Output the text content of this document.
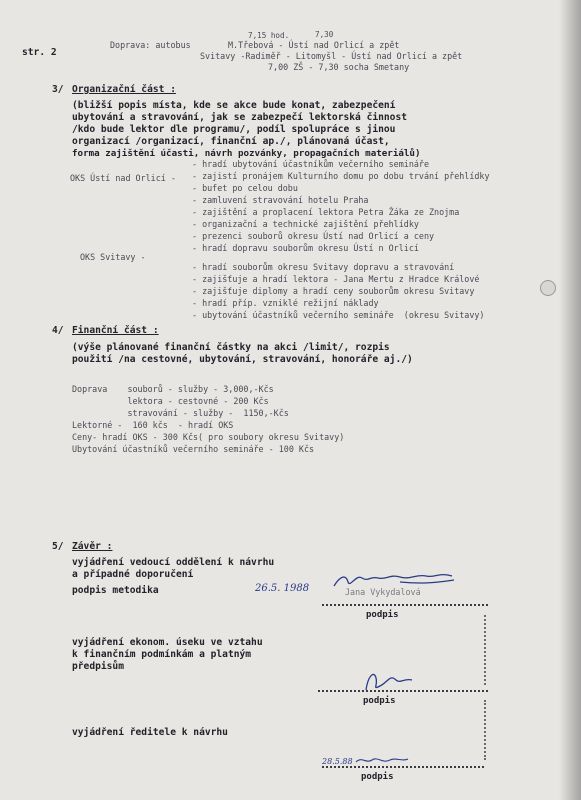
str. 2
Doprava: autobus
7,15 hod.	7,30
M.Třebová - Ústí nad Orlicí a zpět
Svitavy -Radiměř - Litomyšl - Ústí nad Orlicí a zpět
7,00 ZŠ - 7,30 socha Smetany
3/ Organizační část :
(bližší popis místa, kde se akce bude konat, zabezpečení
ubytování a stravování, jak se zabezpečí lektorská činnost
/kdo bude lektor dle programu/, podíl spolupráce s jinou
organizací /organizací, finanční ap./, plánovaná účast,
forma zajištění účasti, návrh pozvánky, propagačních materiálů)
OKS Ústí nad Orlicí -
- hradí ubytování účastníkům večerního semináře
- zajistí pronájem Kulturního domu po dobu trvání přehlídky
- bufet po celou dobu
- zamluvení stravování hotelu Praha
- zajištění a proplacení lektora Petra Žáka ze Znojma
- organizační a technické zajištění přehlídky
- prezenci souborů okresu Ústí nad Orlicí a ceny
- hradí dopravu souborům okresu Ústí n Orlicí
OKS Svitavy -
- hradí souborům okresu Svitavy dopravu a stravování
- zajišťuje a hradí lektora - Jana Mertu z Hradce Králové
- zajišťuje diplomy a hradí ceny souborům okresu Svitavy
- hradí příp. vzniklé režijní náklady
- ubytování účastníků večerního semináře  (okresu Svitavy)
4/ Finanční část :
(výše plánované finanční částky na akci /limit/, rozpis
použití /na cestovné, ubytování, stravování, honoráře aj./)
Doprava    souborů - služby - 3,000,-Kčs
lektora - cestovné - 200 Kčs
stravování - služby -  1150,-Kčs
Lektorné -  160 kčs  - hradí OKS
Ceny- hradí OKS - 300 Kčs( pro soubory okresu Svitavy)
Ubytování účastníků večerního semináře - 100 Kčs
5/ Závěr :
vyjádření vedoucí oddělení k návrhu
a případné doporučení
podpis metodika	26.5. 1988	Jana Vykydalová
podpis
vyjádření ekonom. úseku ve vztahu
k finančním podmínkám a platným
předpisům
podpis
vyjádření ředitele k návrhu
28.5.88
podpis
